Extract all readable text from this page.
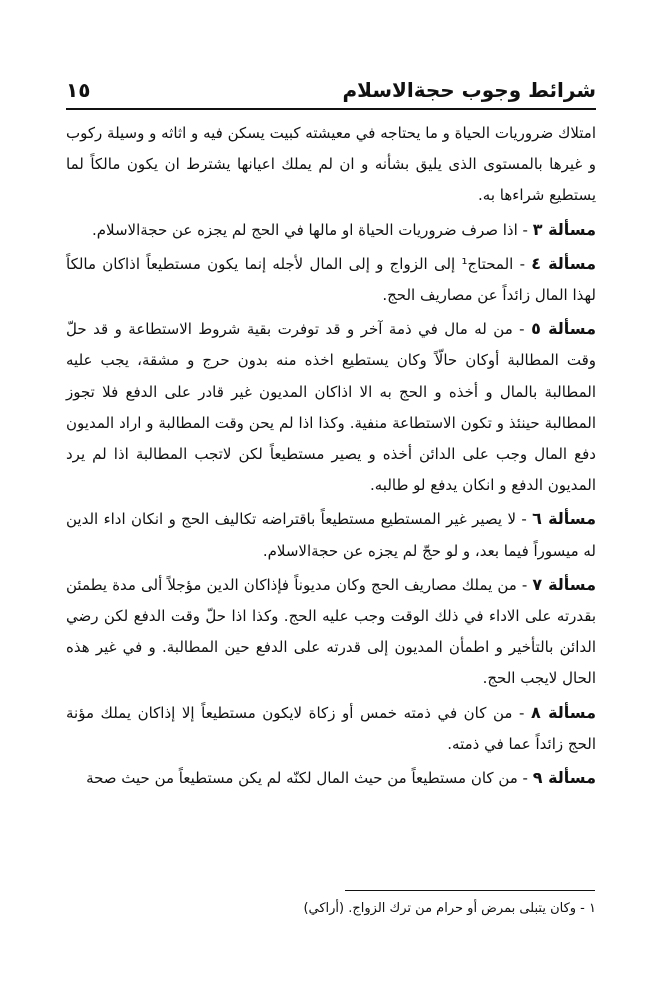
شرائط وجوب حجةالاسلام
١٥

امتلاك ضروريات الحياة و ما يحتاجه في معيشته كبيت يسكن فيه و اثاثه و وسيلة ركوب و غيرها بالمستوى الذى يليق بشأنه و ان لم يملك اعيانها يشترط ان يكون مالكاً لما يستطيع شراءها به.

مسألة ٣ - اذا صرف ضروريات الحياة او مالها في الحج لم يجزه عن حجةالاسلام.

مسألة ٤ - المحتاج¹ إلى الزواج و إلى المال لأجله إنما يكون مستطيعاً اذاكان مالكاً لهذا المال زائداً عن مصاريف الحج.

مسألة ٥ - من له مال في ذمة آخر و قد توفرت بقية شروط الاستطاعة و قد حلّ وقت المطالبة أوكان حالّاً وكان يستطيع اخذه منه بدون حرج و مشقة، يجب عليه المطالبة بالمال و أخذه و الحج به الا اذاكان المديون غير قادر على الدفع فلا تجوز المطالبة حينئذ و تكون الاستطاعة منفية. وكذا اذا لم يحن وقت المطالبة و اراد المديون دفع المال وجب على الدائن أخذه و يصير مستطيعاً لكن لاتجب المطالبة اذا لم يرد المديون الدفع و انكان يدفع لو طالبه.

مسألة ٦ - لا يصير غير المستطيع مستطيعاً باقتراضه تكاليف الحج و انكان اداء الدين له ميسوراً فيما بعد، و لو حجّ لم يجزه عن حجةالاسلام.

مسألة ٧ - من يملك مصاريف الحج وكان مديوناً فإذاكان الدين مؤجلاً ألى مدة يطمئن بقدرته على الاداء في ذلك الوقت وجب عليه الحج. وكذا اذا حلّ وقت الدفع لكن رضي الدائن بالتأخير و اطمأن المديون إلى قدرته على الدفع حين المطالبة. و في غير هذه الحال لايجب الحج.

مسألة ٨ - من كان في ذمته خمس أو زكاة لايكون مستطيعاً إلا إذاكان يملك مؤنة الحج زائداً عما في ذمته.

مسألة ٩ - من كان مستطيعاً من حيث المال لكنّه لم يكن مستطيعاً من حيث صحة

١ - وكان يتبلى بمرض أو حرام من ترك الزواج. (أراكي)
